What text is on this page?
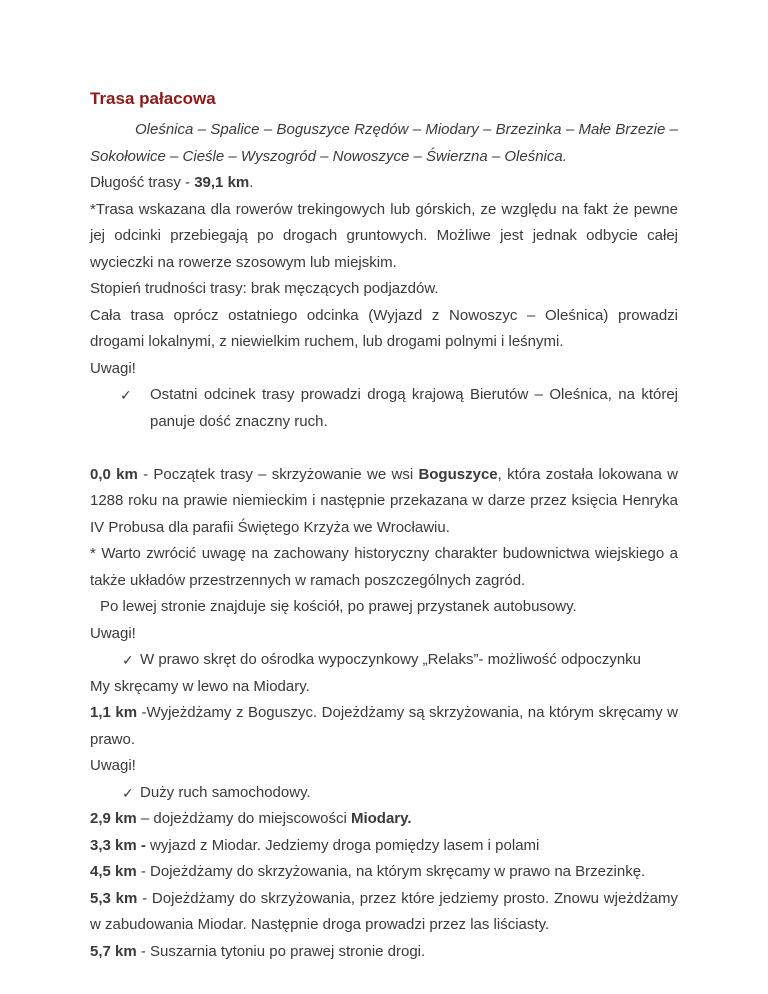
Trasa pałacowa

Oleśnica – Spalice – Boguszyce Rzędów – Miodary – Brzezinka – Małe Brzezie – Sokołowice – Cieśle – Wyszogród – Nowoszyce – Świerzna – Oleśnica.

Długość trasy - 39,1 km.

*Trasa wskazana dla rowerów trekingowych lub górskich, ze względu na fakt że pewne jej odcinki przebiegają po drogach gruntowych. Możliwe jest jednak odbycie całej wycieczki na rowerze szosowym lub miejskim.

Stopień trudności trasy: brak męczących podjazdów.

Cała trasa oprócz ostatniego odcinka (Wyjazd z Nowoszyc – Oleśnica) prowadzi drogami lokalnymi, z niewielkim ruchem, lub drogami polnymi i leśnymi.

Uwagi!

✓ Ostatni odcinek trasy prowadzi drogą krajową Bierutów – Oleśnica, na której panuje dość znaczny ruch.

0,0 km - Początek trasy – skrzyżowanie we wsi Boguszyce, która została lokowana w 1288 roku na prawie niemieckim i następnie przekazana w darze przez księcia Henryka IV Probusa dla parafii Świętego Krzyża we Wrocławiu.

* Warto zwrócić uwagę na zachowany historyczny charakter budownictwa wiejskiego a także układów przestrzennych w ramach poszczególnych zagród.

Po lewej stronie znajduje się kościół, po prawej przystanek autobusowy.

Uwagi!

✓ W prawo skręt do ośrodka wypoczynkowy „Relaks”- możliwość odpoczynku

My skręcamy w lewo na Miodary.

1,1 km -Wyjeżdżamy z Boguszyc. Dojeżdżamy są skrzyżowania, na którym skręcamy w prawo.

Uwagi!

✓ Duży ruch samochodowy.

2,9 km – dojeżdżamy do miejscowości Miodary.

3,3 km - wyjazd z Miodar. Jedziemy droga pomiędzy lasem i polami

4,5 km - Dojeżdżamy do skrzyżowania, na którym skręcamy w prawo na Brzezinkę.

5,3 km - Dojeżdżamy do skrzyżowania, przez które jedziemy prosto. Znowu wjeżdżamy w zabudowania Miodar. Następnie droga prowadzi przez las liściasty.

5,7 km - Suszarnia tytoniu po prawej stronie drogi.
